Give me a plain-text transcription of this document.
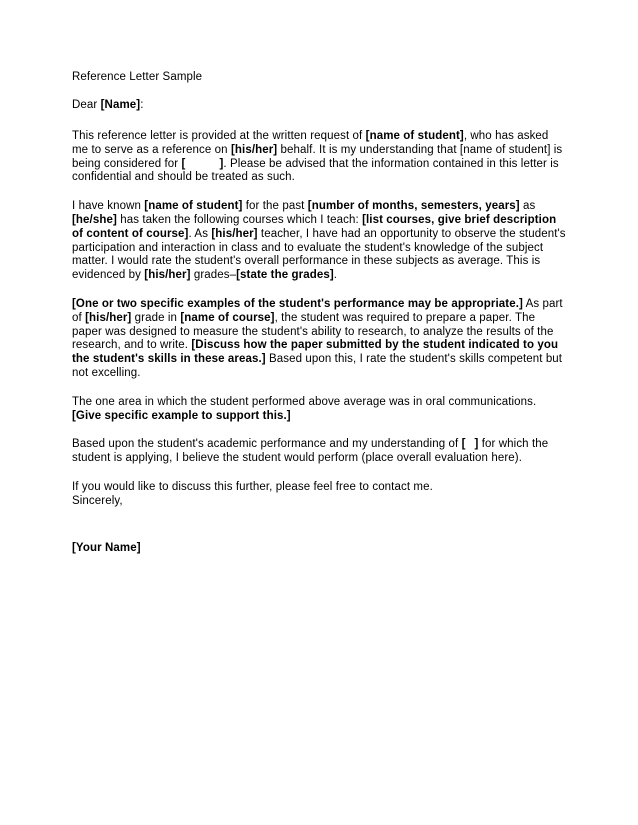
Reference Letter Sample

Dear [Name]:

This reference letter is provided at the written request of [name of student], who has asked me to serve as a reference on [his/her] behalf. It is my understanding that [name of student] is being considered for [	]. Please be advised that the information contained in this letter is confidential and should be treated as such.

I have known [name of student] for the past [number of months, semesters, years] as [he/she] has taken the following courses which I teach: [list courses, give brief description of content of course]. As [his/her] teacher, I have had an opportunity to observe the student's participation and interaction in class and to evaluate the student's knowledge of the subject matter. I would rate the student's overall performance in these subjects as average. This is evidenced by [his/her] grades–[state the grades].

[One or two specific examples of the student's performance may be appropriate.] As part of [his/her] grade in [name of course], the student was required to prepare a paper. The paper was designed to measure the student's ability to research, to analyze the results of the research, and to write. [Discuss how the paper submitted by the student indicated to you the student's skills in these areas.] Based upon this, I rate the student's skills competent but not excelling.

The one area in which the student performed above average was in oral communications. [Give specific example to support this.]

Based upon the student's academic performance and my understanding of [ ] for which the student is applying, I believe the student would perform (place overall evaluation here).

If you would like to discuss this further, please feel free to contact me.
Sincerely,

[Your Name]
